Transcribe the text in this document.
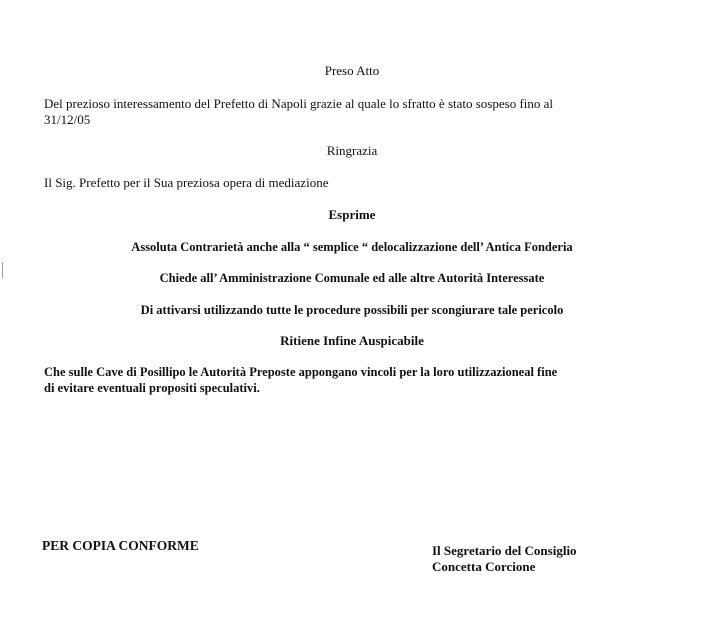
Preso Atto
Del prezioso interessamento del Prefetto di Napoli grazie al quale lo sfratto è stato sospeso fino al
31/12/05
Ringrazia
Il Sig. Prefetto per il Sua preziosa opera di mediazione
Esprime
Assoluta Contrarietà anche alla “ semplice “ delocalizzazione dell’ Antica Fonderia
Chiede all’ Amministrazione Comunale ed alle altre Autorità Interessate
Di attivarsi utilizzando tutte le procedure possibili per scongiurare tale pericolo
Ritiene Infine Auspicabile
Che sulle Cave di Posillipo le Autorità Preposte appongano vincoli per la loro utilizzazioneal fine
di evitare eventuali propositi speculativi.
PER COPIA CONFORME	Il Segretario del Consiglio
Concetta Corcione
